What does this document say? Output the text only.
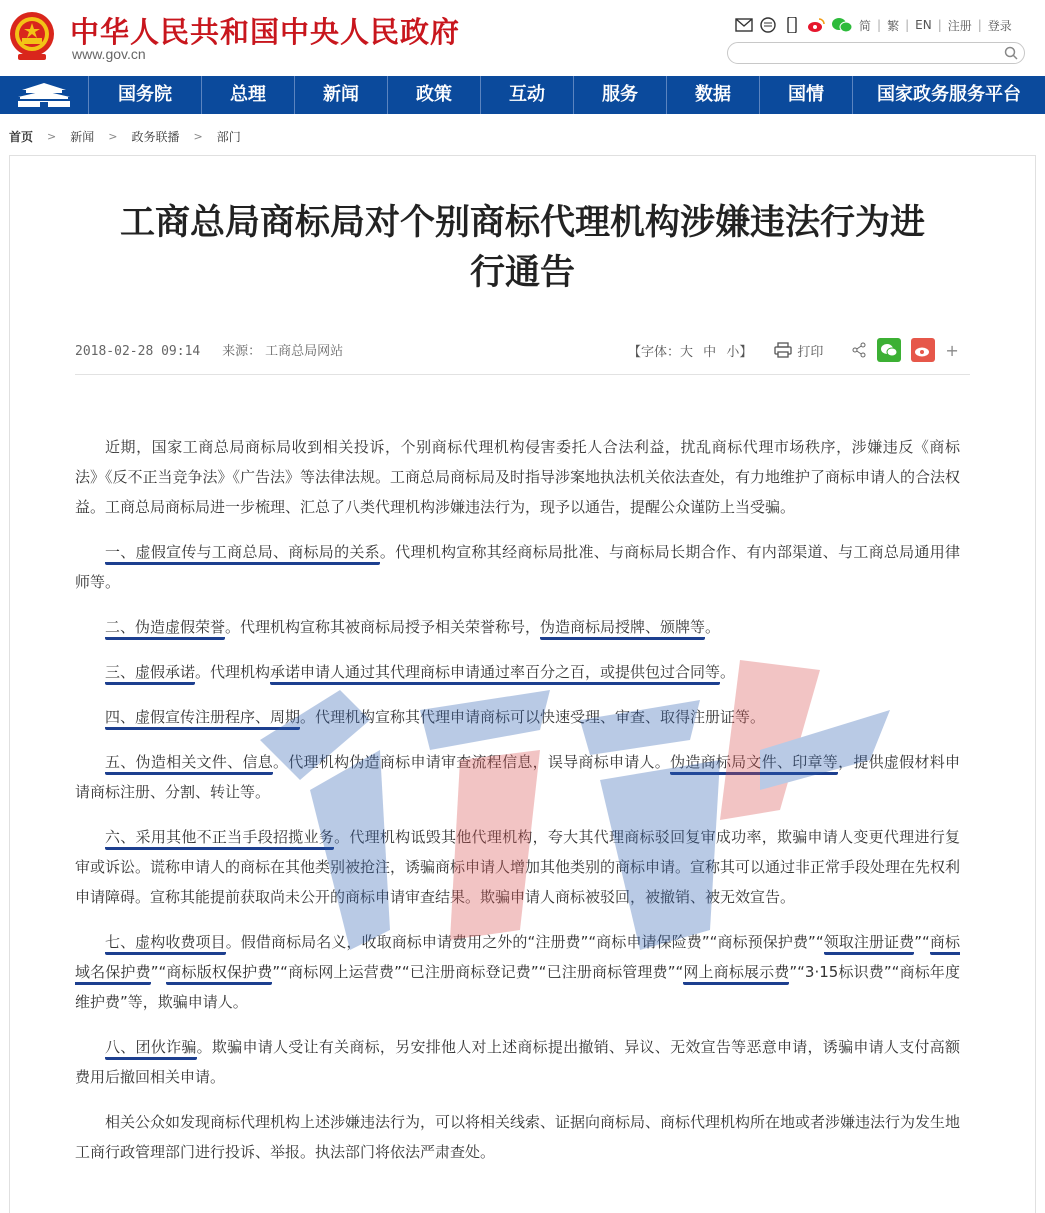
中华人民共和国中央人民政府
www.gov.cn
简 | 繁 | EN | 注册 | 登录
国务院	总理	新闻	政策	互动	服务	数据	国情	国家政务服务平台
首页 > 新闻 > 政务联播 > 部门
工商总局商标局对个别商标代理机构涉嫌违法行为进
行通告
2018-02-28 09:14 来源： 工商总局网站	【字体：大 中 小】	打印	+

近期，国家工商总局商标局收到相关投诉，个别商标代理机构侵害委托人合法利益，扰乱商标代理市场秩序，涉嫌违反《商标法》《反不正当竞争法》《广告法》等法律法规。工商总局商标局及时指导涉案地执法机关依法查处，有力地维护了商标申请人的合法权益。工商总局商标局进一步梳理、汇总了八类代理机构涉嫌违法行为，现予以通告，提醒公众谨防上当受骗。

一、虚假宣传与工商总局、商标局的关系。代理机构宣称其经商标局批准、与商标局长期合作、有内部渠道、与工商总局通用律师等。

二、伪造虚假荣誉。代理机构宣称其被商标局授予相关荣誉称号，伪造商标局授牌、颁牌等。

三、虚假承诺。代理机构承诺申请人通过其代理商标申请通过率百分之百，或提供包过合同等。

四、虚假宣传注册程序、周期。代理机构宣称其代理申请商标可以快速受理、审查、取得注册证等。

五、伪造相关文件、信息。代理机构伪造商标申请审查流程信息，误导商标申请人。伪造商标局文件、印章等，提供虚假材料申请商标注册、分割、转让等。

六、采用其他不正当手段招揽业务。代理机构诋毁其他代理机构，夸大其代理商标驳回复审成功率，欺骗申请人变更代理进行复审或诉讼。谎称申请人的商标在其他类别被抢注，诱骗商标申请人增加其他类别的商标申请。宣称其可以通过非正常手段处理在先权利申请障碍。宣称其能提前获取尚未公开的商标申请审查结果。欺骗申请人商标被驳回，被撤销、被无效宣告。

七、虚构收费项目。假借商标局名义，收取商标申请费用之外的“注册费”“商标申请保险费”“商标预保护费”“领取注册证费”“商标域名保护费”“商标版权保护费”“商标网上运营费”“已注册商标登记费”“已注册商标管理费”“网上商标展示费”“3·15标识费”“商标年度维护费”等，欺骗申请人。

八、团伙诈骗。欺骗申请人受让有关商标，另安排他人对上述商标提出撤销、异议、无效宣告等恶意申请，诱骗申请人支付高额费用后撤回相关申请。

相关公众如发现商标代理机构上述涉嫌违法行为，可以将相关线索、证据向商标局、商标代理机构所在地或者涉嫌违法行为发生地工商行政管理部门进行投诉、举报。执法部门将依法严肃查处。
